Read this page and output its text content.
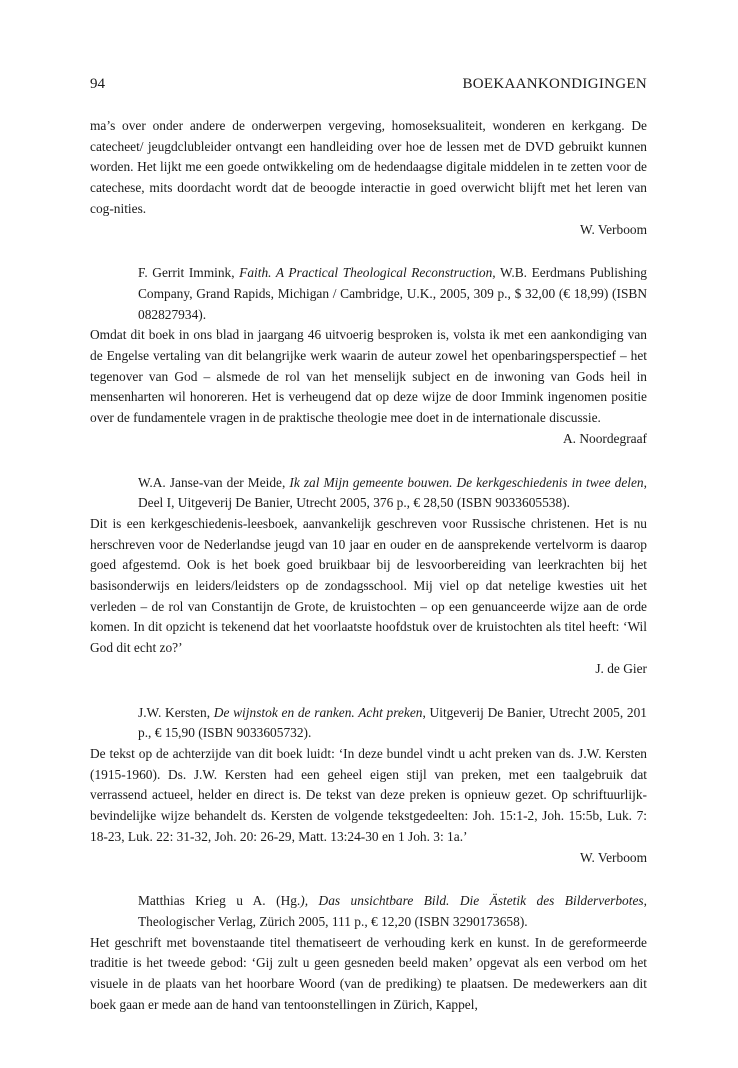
94	BOEKAANKONDIGINGEN

ma’s over onder andere de onderwerpen vergeving, homoseksualiteit, wonderen en kerkgang. De catecheet/ jeugdclubleider ontvangt een handleiding over hoe de lessen met de DVD gebruikt kunnen worden. Het lijkt me een goede ontwikkeling om de hedendaagse digitale middelen in te zetten voor de catechese, mits doordacht wordt dat de beoogde interactie in goed overwicht blijft met het leren van cog-nities.

W. Verboom

F. Gerrit Immink, Faith. A Practical Theological Reconstruction, W.B. Eerdmans Publishing Company, Grand Rapids, Michigan / Cambridge, U.K., 2005, 309 p., $ 32,00 (€ 18,99) (ISBN 082827934).

Omdat dit boek in ons blad in jaargang 46 uitvoerig besproken is, volsta ik met een aankondiging van de Engelse vertaling van dit belangrijke werk waarin de auteur zowel het openbaringsperspectief – het tegenover van God – alsmede de rol van het menselijk subject en de inwoning van Gods heil in mensenharten wil honoreren. Het is verheugend dat op deze wijze de door Immink ingenomen positie over de fundamentele vragen in de praktische theologie mee doet in de internationale discussie.

A. Noordegraaf

W.A. Janse-van der Meide, Ik zal Mijn gemeente bouwen. De kerkgeschiedenis in twee delen, Deel I, Uitgeverij De Banier, Utrecht 2005, 376 p., € 28,50 (ISBN 9033605538).

Dit is een kerkgeschiedenis-leesboek, aanvankelijk geschreven voor Russische christenen. Het is nu herschreven voor de Nederlandse jeugd van 10 jaar en ouder en de aansprekende vertelvorm is daarop goed afgestemd. Ook is het boek goed bruikbaar bij de lesvoorbereiding van leerkrachten bij het basisonderwijs en leiders/leidsters op de zondagsschool. Mij viel op dat netelige kwesties uit het verleden – de rol van Constantijn de Grote, de kruistochten – op een genuanceerde wijze aan de orde komen. In dit opzicht is tekenend dat het voorlaatste hoofdstuk over de kruistochten als titel heeft: ‘Wil God dit echt zo?’

J. de Gier

J.W. Kersten, De wijnstok en de ranken. Acht preken, Uitgeverij De Banier, Utrecht 2005, 201 p., € 15,90 (ISBN 9033605732).

De tekst op de achterzijde van dit boek luidt: ‘In deze bundel vindt u acht preken van ds. J.W. Kersten (1915-1960). Ds. J.W. Kersten had een geheel eigen stijl van preken, met een taalgebruik dat verrassend actueel, helder en direct is. De tekst van deze preken is opnieuw gezet. Op schriftuurlijk-bevindelijke wijze behandelt ds. Kersten de volgende tekstgedeelten: Joh. 15:1-2, Joh. 15:5b, Luk. 7: 18-23, Luk. 22: 31-32, Joh. 20: 26-29, Matt. 13:24-30 en 1 Joh. 3: 1a.’

W. Verboom

Matthias Krieg u A. (Hg.), Das unsichtbare Bild. Die Ästetik des Bilderverbotes, Theologischer Verlag, Zürich 2005, 111 p., € 12,20 (ISBN 3290173658).

Het geschrift met bovenstaande titel thematiseert de verhouding kerk en kunst. In de gereformeerde traditie is het tweede gebod: ‘Gij zult u geen gesneden beeld maken’ opgevat als een verbod om het visuele in de plaats van het hoorbare Woord (van de prediking) te plaatsen. De medewerkers aan dit boek gaan er mede aan de hand van tentoonstellingen in Zürich, Kappel,
